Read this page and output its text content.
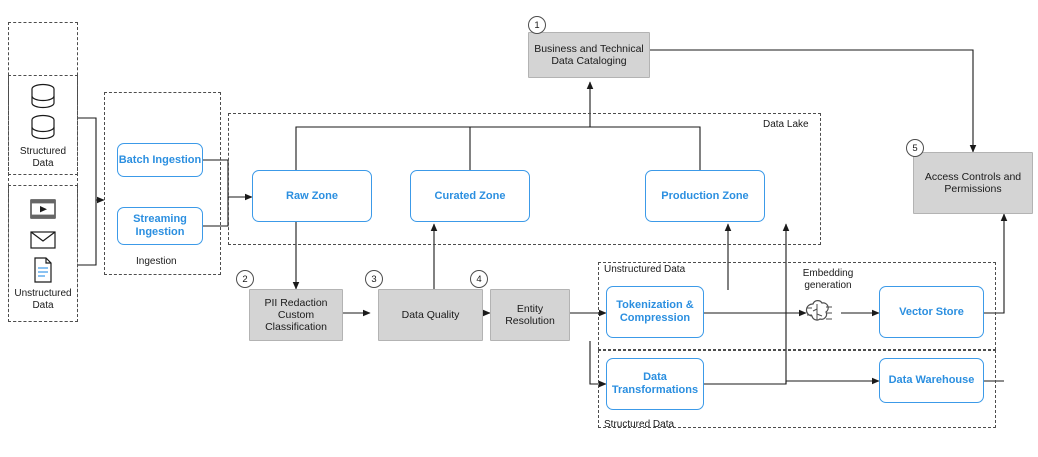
Ingestion
Data Lake
Unstructured Data
Structured Data
Structured
Data
Unstructured
Data
Batch Ingestion
Streaming
Ingestion
Raw Zone	Curated Zone	Production Zone
Business and Technical
Data Cataloging
Access Controls and
Permissions
PII Redaction
Custom
Classification
Data Quality
Entity
Resolution
Tokenization &
Compression
Data
Transformations
Vector Store
Data Warehouse
Embedding
generation
1
2	3	4
5
